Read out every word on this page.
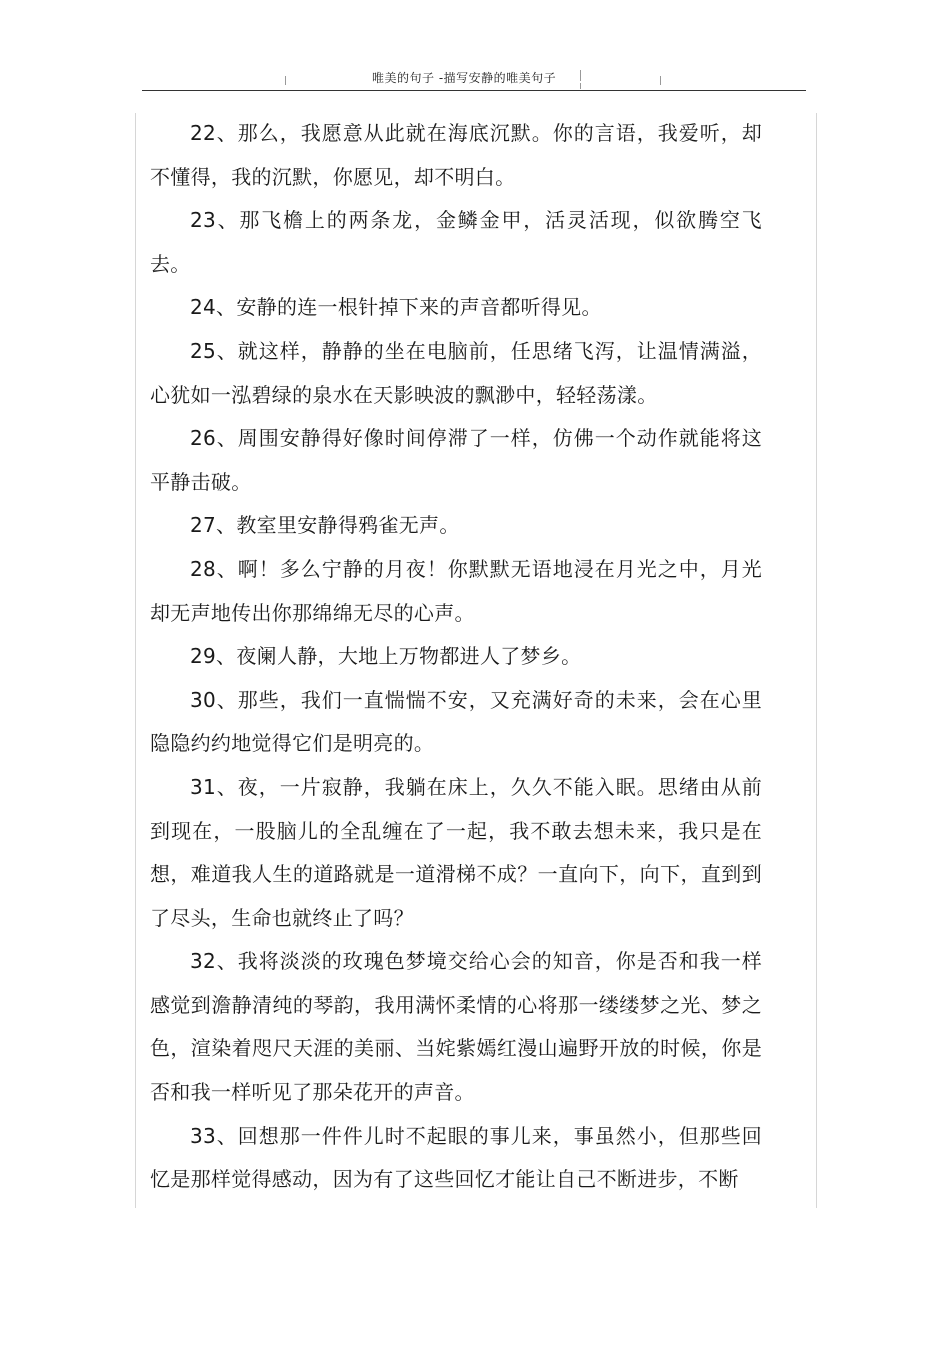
唯美的句子 -描写安静的唯美句子

22、那么，我愿意从此就在海底沉默。你的言语，我爱听，却不懂得，我的沉默，你愿见，却不明白。

23、那飞檐上的两条龙，金鳞金甲，活灵活现，似欲腾空飞去。

24、安静的连一根针掉下来的声音都听得见。

25、就这样，静静的坐在电脑前，任思绪飞泻，让温情满溢，心犹如一泓碧绿的泉水在天影映波的飘渺中，轻轻荡漾。

26、周围安静得好像时间停滞了一样，仿佛一个动作就能将这平静击破。

27、教室里安静得鸦雀无声。

28、啊！多么宁静的月夜！你默默无语地浸在月光之中，月光却无声地传出你那绵绵无尽的心声。

29、夜阑人静，大地上万物都进人了梦乡。

30、那些，我们一直惴惴不安，又充满好奇的未来，会在心里隐隐约约地觉得它们是明亮的。

31、夜，一片寂静，我躺在床上，久久不能入眠。思绪由从前到现在，一股脑儿的全乱缠在了一起，我不敢去想未来，我只是在想，难道我人生的道路就是一道滑梯不成？一直向下，向下，直到到了尽头，生命也就终止了吗？

32、我将淡淡的玫瑰色梦境交给心会的知音，你是否和我一样感觉到澹静清纯的琴韵，我用满怀柔情的心将那一缕缕梦之光、梦之色，渲染着咫尺天涯的美丽、当姹紫嫣红漫山遍野开放的时候，你是否和我一样听见了那朵花开的声音。

33、回想那一件件儿时不起眼的事儿来，事虽然小，但那些回忆是那样觉得感动，因为有了这些回忆才能让自己不断进步，不断
